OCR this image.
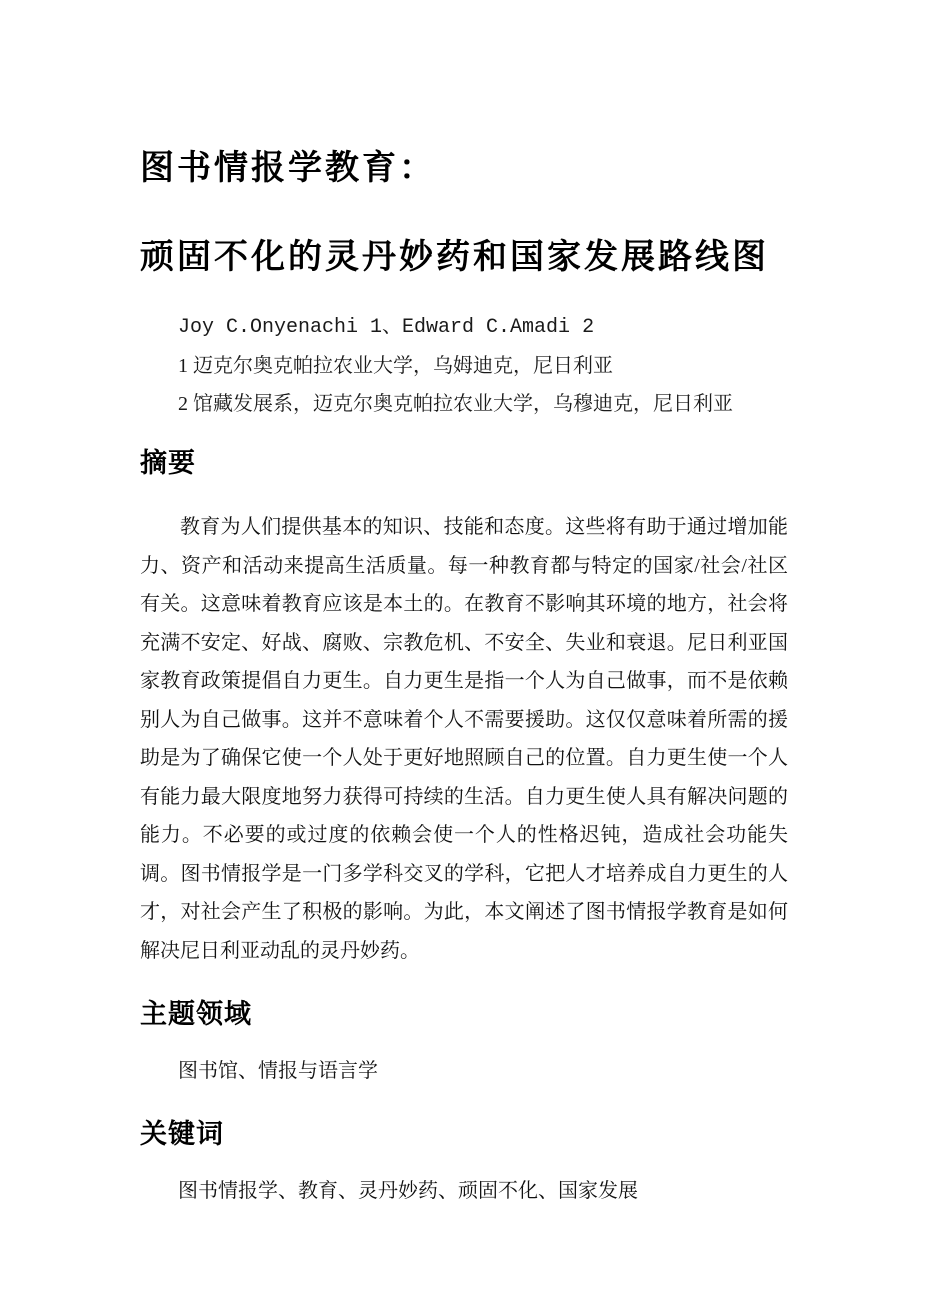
图书情报学教育：
顽固不化的灵丹妙药和国家发展路线图

Joy C.Onyenachi 1、Edward C.Amadi 2

1 迈克尔奥克帕拉农业大学，乌姆迪克，尼日利亚

2 馆藏发展系，迈克尔奥克帕拉农业大学，乌穆迪克，尼日利亚

摘要

教育为人们提供基本的知识、技能和态度。这些将有助于通过增加能力、资产和活动来提高生活质量。每一种教育都与特定的国家/社会/社区有关。这意味着教育应该是本土的。在教育不影响其环境的地方，社会将充满不安定、好战、腐败、宗教危机、不安全、失业和衰退。尼日利亚国家教育政策提倡自力更生。自力更生是指一个人为自己做事，而不是依赖别人为自己做事。这并不意味着个人不需要援助。这仅仅意味着所需的援助是为了确保它使一个人处于更好地照顾自己的位置。自力更生使一个人有能力最大限度地努力获得可持续的生活。自力更生使人具有解决问题的能力。不必要的或过度的依赖会使一个人的性格迟钝，造成社会功能失调。图书情报学是一门多学科交叉的学科，它把人才培养成自力更生的人才，对社会产生了积极的影响。为此，本文阐述了图书情报学教育是如何解决尼日利亚动乱的灵丹妙药。

主题领域

图书馆、情报与语言学

关键词

图书情报学、教育、灵丹妙药、顽固不化、国家发展
